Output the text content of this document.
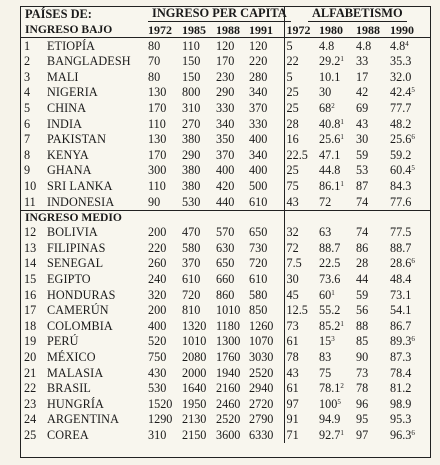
PAÍSES DE:		INGRESO PER CAPITA				ALFABETISMO			
INGRESO BAJO		1972	1985	1988	1991	1972	1980	1988	1990
1	ETIOPÍA	80	110	120	120	5	4.8	4.8	$4.8^4$
2	BANGLADESH	70	150	170	220	22	29.2$^1$	33	35.3
3	MALI	80	150	230	280	5	10.1	17	32.0
4	NIGERIA	130	800	290	340	25	30	42	42.4$^5$
5	CHINA	170	310	330	370	25	$68^2$	69	77.7
6	INDIA	110	270	340	330	28	40.8$^1$	43	48.2
7	PAKISTAN	130	380	350	400	16	25.6$^1$	30	25.6$^6$
8	KENYA	170	290	370	340	22.5	47.1	59	59.2
9	GHANA	300	380	400	400	25	44.8	53	60.4$^5$
10	SRI LANKA	110	380	420	500	75	86.1$^1$	87	84.3
11	INDONESIA	90	530	440	610	43	72	74	77.6
INGRESO MEDIO									
12	BOLIVIA	200	470	570	650	32	63	74	77.5
13	FILIPINAS	220	580	630	730	72	88.7	86	88.7
14	SENEGAL	260	370	650	720	7.5	22.5	28	28.6$^6$
15	EGIPTO	240	610	660	610	30	73.6	44	48.4
16	HONDURAS	320	720	860	580	45	$60^1$	59	73.1
17	CAMERÚN	200	810	1010	850	12.5	55.2	56	54.1
18	COLOMBIA	400	1320	1180	1260	73	85.2$^1$	88	86.7
19	PERÚ	520	1010	1300	1070	61	$15^3$	85	89.3$^6$
20	MÉXICO	750	2080	1760	3030	78	83	90	87.3
21	MALASIA	430	2000	1940	2520	43	75	73	78.4
22	BRASIL	530	1640	2160	2940	61	78.1$^2$	78	81.2
23	HUNGRÍA	1520	1950	2460	2720	97	$100^5$	96	98.9
24	ARGENTINA	1290	2130	2520	2790	91	94.9	95	95.3
25	COREA	310	2150	3600	6330	71	92.7$^1$	97	96.3$^6$
